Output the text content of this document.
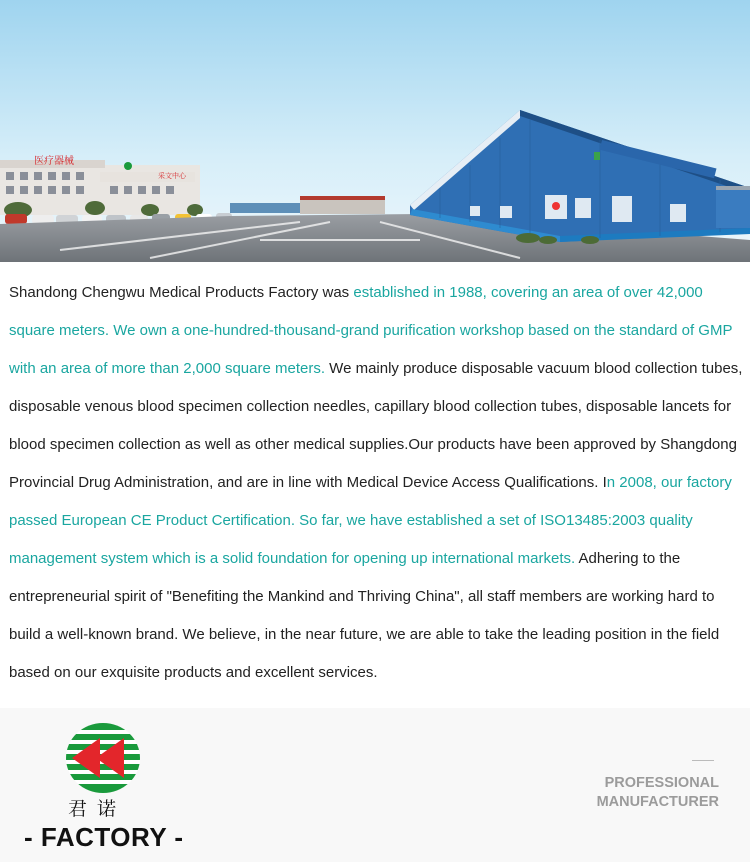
医疗器械
采文中心
Shandong Chengwu Medical Products Factory was established in 1988, covering an area of over 42,000 square meters. We own a one-hundred-thousand-grand purification workshop based on the standard of GMP with an area of more than 2,000 square meters. We mainly produce disposable vacuum blood collection tubes, disposable venous blood specimen collection needles, capillary blood collection tubes, disposable lancets for blood specimen collection as well as other medical supplies.Our products have been approved by Shangdong Provincial Drug Administration, and are in line with Medical Device Access Qualifications. In 2008, our factory passed European CE Product Certification. So far, we have established a set of ISO13485:2003 quality management system which is a solid foundation for opening up international markets. Adhering to the entrepreneurial spirit of "Benefiting the Mankind and Thriving China", all staff members are working hard to build a well-known brand. We believe, in the near future, we are able to take the leading position in the field based on our exquisite products and excellent services.
君诺
- FACTORY -
PROFESSIONAL
MANUFACTURER
